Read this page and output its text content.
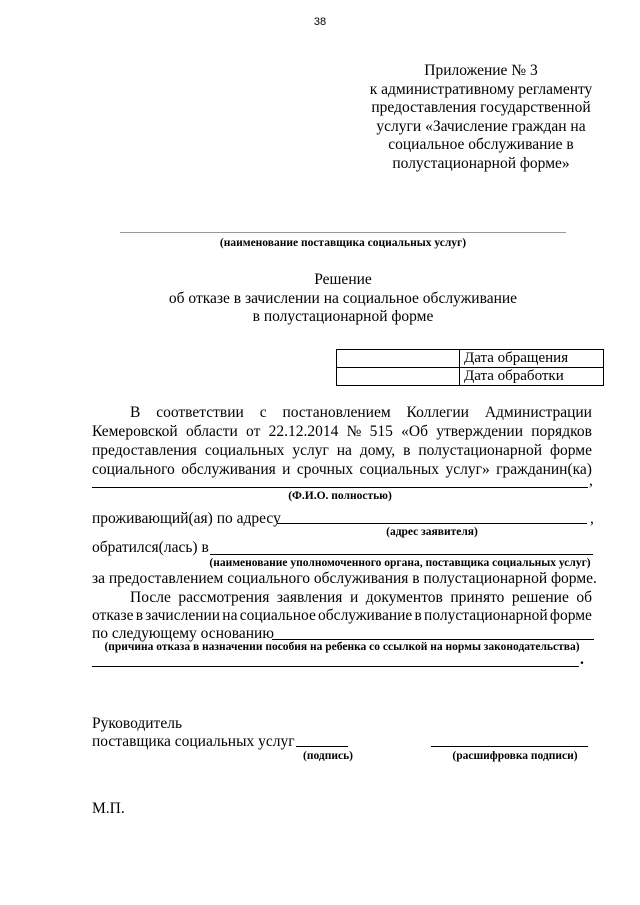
38
Приложение № 3
к административному регламенту
предоставления государственной
услуги «Зачисление граждан на
социальное обслуживание в
полустационарной форме»
(наименование поставщика социальных услуг)
Решение
об отказе в зачислении на социальное обслуживание
в полустационарной форме
	Дата обращения
	Дата обработки
В соответствии с постановлением Коллегии Администрации
Кемеровской области от 22.12.2014 № 515 «Об утверждении порядков
предоставления социальных услуг на дому, в полустационарной форме
социального обслуживания и срочных социальных услуг» гражданин(ка)
,
(Ф.И.О. полностью)
проживающий(ая) по адресу	,
(адрес заявителя)
обратился(лась) в
(наименование уполномоченного органа, поставщика социальных услуг)
за предоставлением социального обслуживания в полустационарной форме.
После рассмотрения заявления и документов принято решение об
отказе в зачислении на социальное обслуживание в полустационарной форме
по следующему основанию
(причина отказа в назначении пособия на ребенка со ссылкой на нормы законодательства)
.
Руководитель
поставщика социальных услуг
(подпись)	(расшифровка подписи)
М.П.
